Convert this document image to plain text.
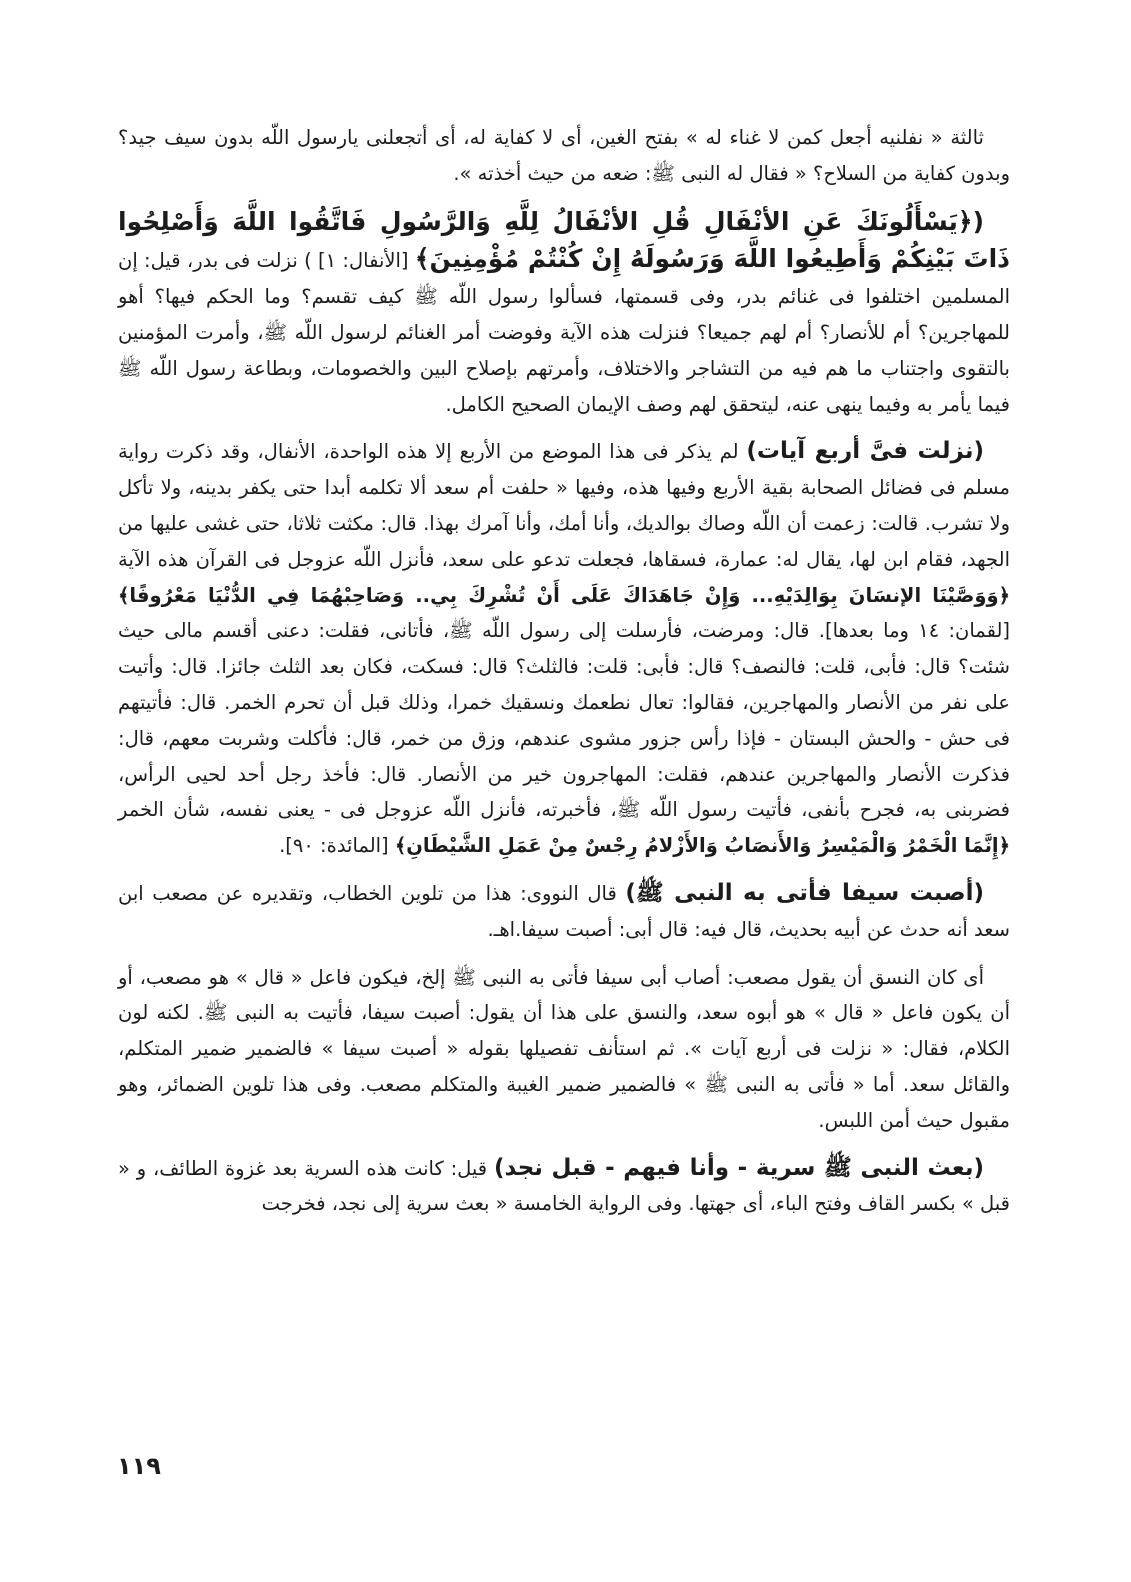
ثالثة « نفلنيه أجعل كمن لا غناء له » بفتح الغين، أى لا كفاية له، أى أتجعلنى يارسول اللّه بدون سيف جيد؟ وبدون كفاية من السلاح؟ « فقال له النبى ﷺ: ضعه من حيث أخذته ».

(﴿يَسْأَلُونَكَ عَنِ الأنْفَالِ قُلِ الأنْفَالُ لِلَّهِ وَالرَّسُولِ فَاتَّقُوا اللَّهَ وَأَصْلِحُوا ذَاتَ بَيْنِكُمْ وَأَطِيعُوا اللَّهَ وَرَسُولَهُ إِنْ كُنْتُمْ مُؤْمِنِينَ﴾ [الأنفال: ١] ) نزلت فى بدر، قيل: إن المسلمين اختلفوا فى غنائم بدر، وفى قسمتها، فسألوا رسول اللّه ﷺ كيف تقسم؟ وما الحكم فيها؟ أهو للمهاجرين؟ أم للأنصار؟ أم لهم جميعا؟ فنزلت هذه الآية وفوضت أمر الغنائم لرسول اللّه ﷺ، وأمرت المؤمنين بالتقوى واجتناب ما هم فيه من التشاجر والاختلاف، وأمرتهم بإصلاح البين والخصومات، وبطاعة رسول اللّه ﷺ فيما يأمر به وفيما ينهى عنه، ليتحقق لهم وصف الإيمان الصحيح الكامل.

(نزلت فىَّ أربع آيات) لم يذكر فى هذا الموضع من الأربع إلا هذه الواحدة، الأنفال، وقد ذكرت رواية مسلم فى فضائل الصحابة بقية الأربع وفيها هذه، وفيها « حلفت أم سعد ألا تكلمه أبدا حتى يكفر بدينه، ولا تأكل ولا تشرب. قالت: زعمت أن اللّه وصاك بوالديك، وأنا أمك، وأنا آمرك بهذا. قال: مكثت ثلاثا، حتى غشى عليها من الجهد، فقام ابن لها، يقال له: عمارة، فسقاها، فجعلت تدعو على سعد، فأنزل اللّه عزوجل فى القرآن هذه الآية ﴿وَوَصَّيْنَا الإنسَانَ بِوَالِدَيْهِ... وَإِنْ جَاهَدَاكَ عَلَى أَنْ تُشْرِكَ بِي.. وَصَاحِبْهُمَا فِي الدُّنْيَا مَعْرُوفًا﴾ [لقمان: ١٤ وما بعدها]. قال: ومرضت، فأرسلت إلى رسول اللّه ﷺ، فأتانى، فقلت: دعنى أقسم مالى حيث شئت؟ قال: فأبى، قلت: فالنصف؟ قال: فأبى: قلت: فالثلث؟ قال: فسكت، فكان بعد الثلث جائزا. قال: وأتيت على نفر من الأنصار والمهاجرين، فقالوا: تعال نطعمك ونسقيك خمرا، وذلك قبل أن تحرم الخمر. قال: فأتيتهم فى حش - والحش البستان - فإذا رأس جزور مشوى عندهم، وزق من خمر، قال: فأكلت وشربت معهم، قال: فذكرت الأنصار والمهاجرين عندهم، فقلت: المهاجرون خير من الأنصار. قال: فأخذ رجل أحد لحيى الرأس، فضربنى به، فجرح بأنفى، فأتيت رسول اللّه ﷺ، فأخبرته، فأنزل اللّه عزوجل فى - يعنى نفسه، شأن الخمر ﴿إِنَّمَا الْخَمْرُ وَالْمَيْسِرُ وَالأَنصَابُ وَالأَزْلامُ رِجْسٌ مِنْ عَمَلِ الشَّيْطَانِ﴾ [المائدة: ٩٠].

(أصبت سيفا فأتى به النبى ﷺ) قال النووى: هذا من تلوين الخطاب، وتقديره عن مصعب ابن سعد أنه حدث عن أبيه بحديث، قال فيه: قال أبى: أصبت سيفا.اهـ.

أى كان النسق أن يقول مصعب: أصاب أبى سيفا فأتى به النبى ﷺ إلخ، فيكون فاعل « قال » هو مصعب، أو أن يكون فاعل « قال » هو أبوه سعد، والنسق على هذا أن يقول: أصبت سيفا، فأتيت به النبى ﷺ. لكنه لون الكلام، فقال: « نزلت فى أربع آيات ». ثم استأنف تفصيلها بقوله « أصبت سيفا » فالضمير ضمير المتكلم، والقائل سعد. أما « فأتى به النبى ﷺ » فالضمير ضمير الغيبة والمتكلم مصعب. وفى هذا تلوين الضمائر، وهو مقبول حيث أمن اللبس.

(بعث النبى ﷺ سرية - وأنا فيهم - قبل نجد) قيل: كانت هذه السرية بعد غزوة الطائف، و « قبل » بكسر القاف وفتح الباء، أى جهتها. وفى الرواية الخامسة « بعث سرية إلى نجد، فخرجت

١١٩
